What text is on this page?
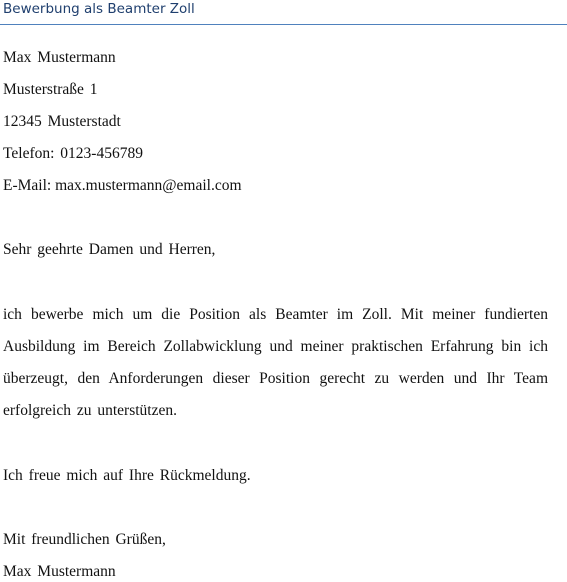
Bewerbung als Beamter Zoll
Max Mustermann
Musterstraße 1
12345 Musterstadt
Telefon: 0123-456789
E-Mail: max.mustermann@email.com
Sehr geehrte Damen und Herren,
ich bewerbe mich um die Position als Beamter im Zoll. Mit meiner fundierten
Ausbildung im Bereich Zollabwicklung und meiner praktischen Erfahrung bin ich
überzeugt, den Anforderungen dieser Position gerecht zu werden und Ihr Team
erfolgreich zu unterstützen.
Ich freue mich auf Ihre Rückmeldung.
Mit freundlichen Grüßen,
Max Mustermann
